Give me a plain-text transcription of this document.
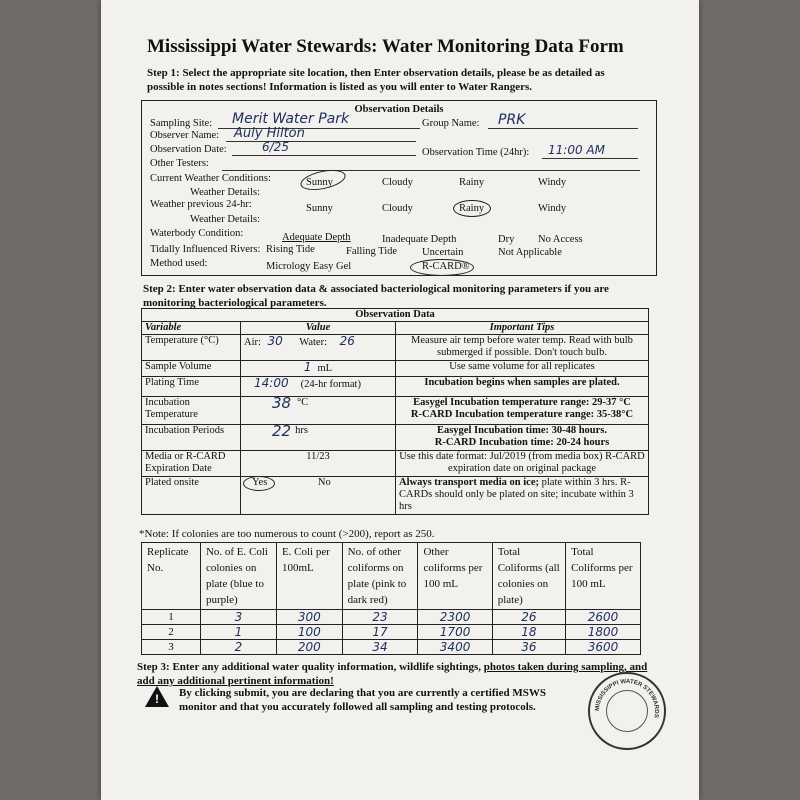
Mississippi Water Stewards: Water Monitoring Data Form
Step 1: Select the appropriate site location, then Enter observation details, please be as detailed as
possible in notes sections! Information is listed as you will enter to Water Rangers.
Observation Details
Sampling Site: Merit Water Park	Group Name: PRK
Observer Name: Auly Hilton
Observation Date:	6/25	Observation Time (24hr): 11:00 AM
Other Testers:
Current Weather Conditions:	Sunny	Cloudy	Rainy	Windy
Weather Details:
Weather previous 24-hr:	Sunny	Cloudy	Rainy	Windy
Weather Details:
Waterbody Condition:	Adequate Depth	Inadequate Depth	Dry No Access
Tidally Influenced Rivers: Rising Tide	Falling Tide Uncertain	Not Applicable
Method used:	Micrology Easy Gel	R-CARD®
Step 2: Enter water observation data & associated bacteriological monitoring parameters if you are
monitoring bacteriological parameters.
Observation Data		
Variable	Value	Important Tips
Temperature (°C)	Air: 30 Water: 26	Measure air temp before water temp. Read with bulb submerged if possible. Don't touch bulb.
Sample Volume	1 mL	Use same volume for all replicates
Plating Time	14:00 (24-hr format)	Incubation begins when samples are plated.
Incubation Temperature	38 °C	Easygel Incubation temperature range: 29-37 °C
R-CARD Incubation temperature range: 35-38°C

Incubation Periods	22 hrs	Easygel Incubation time: 30-48 hours.
R-CARD Incubation time: 20-24 hours

Media or R-CARD Expiration Date	11/23	Use this date format: Jul/2019 (from media box) R-CARD expiration date on original package
Plated onsite	Yes No	Always transport media on ice; plate within 3 hrs. R-CARDs should only be plated on site; incubate within 3 hrs
*Note: If colonies are too numerous to count (>200), report as 250.
Replicate No.	No. of E. Coli colonies on plate (blue to purple)	E. Coli per 100mL	No. of other coliforms on plate (pink to dark red)	Other coliforms per 100 mL	Total Coliforms (all colonies on plate)	Total Coliforms per 100 mL
1	3	300	23	2300	26	2600
2	1	100	17	1700	18	1800
3	2	200	34	3400	36	3600
Step 3: Enter any additional water quality information, wildlife sightings, photos taken during sampling, and add any additional pertinent information!
! By clicking submit, you are declaring that you are currently a certified MSWS
monitor and that you accurately followed all sampling and testing protocols.	MISSISSIPPI WATER STEWARDS
